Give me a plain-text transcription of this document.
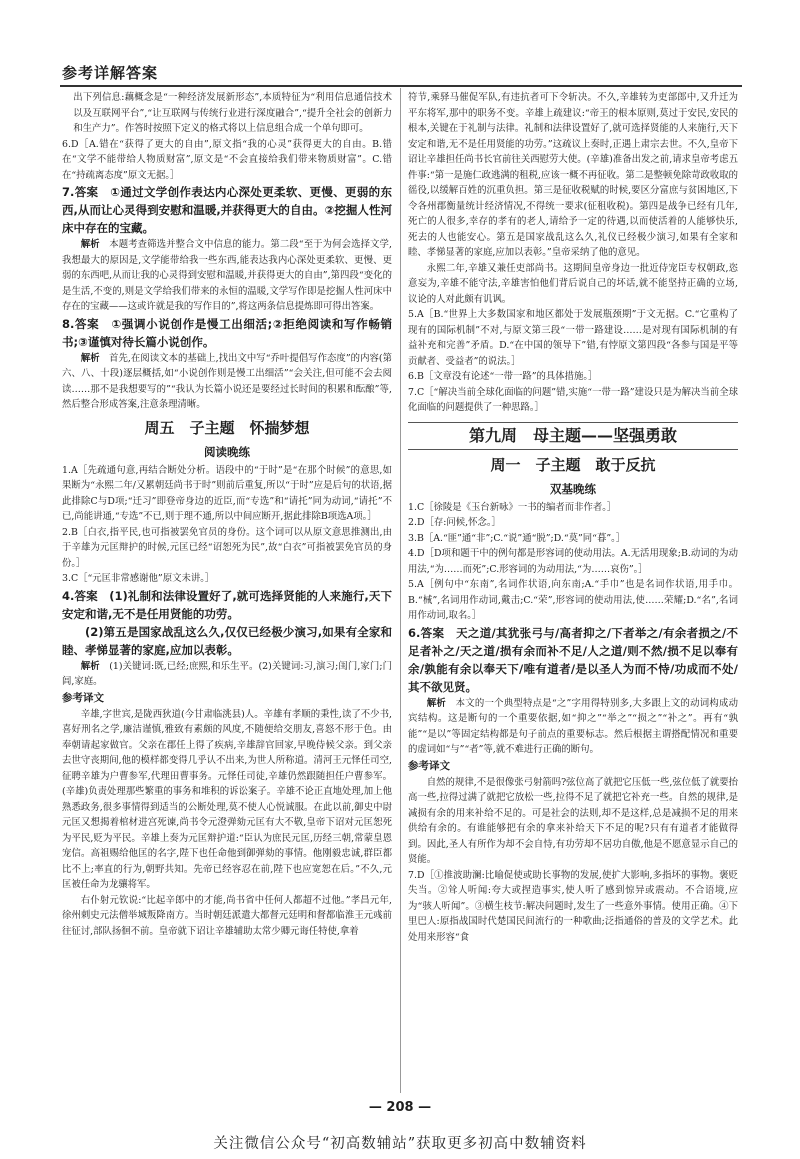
参考详解答案

出下列信息:藕概念是“一种经济发展新形态”,本质特征为“利用信息通信技术以及互联网平台”,“让互联网与传统行业进行深度融合”,“提升全社会的创新力和生产力”。作答时按照下定义的格式将以上信息组合成一个单句即可。

6.D［A.错在“获得了更大的自由”,原文指“我的心灵”获得更大的自由。B.错在“文学不能带给人物质财富”,原文是“不会直接给我们带来物质财富”。C.错在“持疏离态度”原文无据。］

7.答案　 ①通过文学创作表达内心深处更柔软、更慢、更弱的东西,从而让心灵得到安慰和温暖,并获得更大的自由。②挖掘人性河床中存在的宝藏。

解析　 本题考查筛选并整合文中信息的能力。第二段“至于为何会选择文学,我想最大的原因是,文学能带给我一些东西,能表达我内心深处更柔软、更慢、更弱的东西吧,从而让我的心灵得到安慰和温暖,并获得更大的自由”,第四段“变化的是生活,不变的,则是文学给我们带来的永恒的温暖,文学写作即是挖掘人性河床中存在的宝藏——这或许就是我的写作目的”,将这两条信息提炼即可得出答案。

8.答案　 ①强调小说创作是慢工出细活;②拒绝阅读和写作畅销书;③谨慎对待长篇小说创作。

解析　 首先,在阅读文本的基础上,找出文中写“乔叶提倡写作态度”的内容(第六、八、十段)逐层概括,如“小说创作则是慢工出细活”“会关注,但可能不会去阅读……那不是我想要写的”“我认为长篇小说还是要经过长时间的积累和酝酿”等,然后整合形成答案,注意条理清晰。

周五　子主题　怀揣梦想
阅读晚练

1.A［先疏通句意,再结合断处分析。语段中的“于时”是“在那个时候”的意思,如果断为“永熙二年/又累朝廷尚书于时”则前后重复,所以“于时”应是后句的状语,据此排除C与D项;“迁习”即登帝身边的近臣,而“专选”和“请托”同为动词,“请托”不已,尚能讲通,“专选”不已,则于理不通,所以中间应断开,据此排除B项选A项。］

2.B［白衣,指平民,也可指被罢免官员的身份。这个词可以从原文意思推测出,由于辛雄为元匡辩护的时候,元匡已经“诏恕死为民”,故“白衣”可指被罢免官员的身份。］

3.C［“元匡非常感谢他”原文未讲。］

4.答案　 (1)礼制和法律设置好了,就可选择贤能的人来施行,天下安定和谐,无不是任用贤能的功劳。

(2)第五是国家战乱这么久,仅仅已经极少演习,如果有全家和睦、孝悌显著的家庭,应加以表彰。

解析　 (1)关键词:既,已经;庶熙,和乐生平。(2)关键词:习,演习;闺门,家门;门闾,家庭。

参考译文

辛雄,字世宾,是陇西狄道(今甘肃临洮县)人。辛雄有孝顺的秉性,读了不少书,喜好刑名之学,廉洁谨慎,雅致有素颇的风度,不随便给交朋友,喜怒不形于色。由奉朝请起家做官。父亲在郡任上得了疾病,辛雄辞官回家,早晚侍候父亲。到父亲去世守丧期间,他的模样都变得几乎认不出来,为世人所称道。清河王元怿任司空,征聘辛雄为户曹参军,代理田曹事务。元怿任司徒,辛雄仍然跟随担任户曹参军。(辛雄)负责处理那些繁重的事务和堆积的诉讼案子。辛雄不论正直地处理,加上他熟悉政务,很多事情得到适当的公断处理,莫不使人心悦诚服。在此以前,御史中尉元匡又想揭着棺材进宫死谏,尚书令元澄弹劾元匡有大不敬,皇帝下诏对元匡恕死为平民,贬为平民。辛雄上奏为元匡辩护道:“臣认为庶民元匡,历经三朝,常蒙皇恩宠信。高祖赐给他匡的名字,陛下也任命他到御弹劾的事情。他刚毅忠诚,群臣都比不上;率直的行为,朝野共知。先帝已经容忍在前,陛下也应宽恕在后。”不久,元匡被任命为龙骧将军。

右仆射元钦说:“比起辛郎中的才能,尚书省中任何人都超不过他。”孝昌元年,徐州刺史元法僧举城叛降南方。当时朝廷派遣大都督元廷明和督都临淮王元彧前往征讨,部队扬徊不前。皇帝就下诏让辛雄辅助太常少卿元诲任特使,拿着

符节,乘驿马催促军队,有违抗者可下令斩决。不久,辛雄转为吏部郎中,又升迁为平东将军,那中的职务不变。辛雄上疏建议:“帝王的根本原则,莫过于安民,安民的根本,关键在于礼制与法律。礼制和法律设置好了,就可选择贤能的人来施行,天下安定和谐,无不是任用贤能的功劳。”这疏议上奏时,正遇上肃宗去世。不久,皇帝下诏让辛雄担任尚书长官前往关西慰劳大使。(辛雄)准备出发之前,请求皇帝考虑五件事:“第一是施仁政逃满的租税,应该一概不再征收。第二是整顿免除苛政收取的徭役,以缓解百姓的沉重负担。第三是征收税赋的时候,要区分富庶与贫困地区,下令各州郡衡量统计经济情况,不得统一要求(征租收税)。第四是战争已经有几年,死亡的人很多,幸存的孝有的老人,请给予一定的待遇,以而使活着的人能够快乐,死去的人也能安心。第五是国家战乱这么久,礼仪已经极少演习,如果有全家和睦、孝悌显著的家庭,应加以表彰。”皇帝采纳了他的意见。

永熙二年,辛雄又兼任吏部尚书。这期间皇帝身边一批近侍宠臣专权朝政,恣意妄为,辛雄不能守法,辛雄害怕他们背后说自己的坏话,就不能坚持正确的立场,议论的人对此颇有讥讽。

5.A［B.“世界上大多数国家和地区都处于发展瓶颈期”于文无据。C.“它重构了现有的国际机制”不对,与原文第三段“一带一路建设……是对现有国际机制的有益补充和完善”矛盾。D.“在中国的领导下”错,有悖原文第四段“各参与国是平等贡献者、受益者”的说法。］

6.B［文章没有论述“一带一路”的具体措施。］

7.C［“解决当前全球化面临的问题”错,实施“一带一路”建设只是为解决当前全球化面临的问题提供了一种思路。］

第九周　母主题——坚强勇敢
周一　子主题　敢于反抗
双基晚练

1.C［徐陵是《玉台新咏》一书的编者而非作者。］

2.D［存:问候,怀念。］

3.B［A.“匪”通“非”;C.“说”通“脱”;D.“莫”同“暮”。］

4.D［D项和题干中的例句都是形容词的使动用法。A.无活用现象;B.动词的为动用法,“为……而死”;C.形容词的为动用法,“为……哀伤”。］

5.A［例句中“东南”,名词作状语,向东南;A.“手巾”也是名词作状语,用手巾。B.“械”,名词用作动词,戴击;C.“荣”,形容词的使动用法,使……荣耀;D.“名”,名词用作动词,取名。］

6.答案　 天之道/其犹张弓与/高者抑之/下者举之/有余者损之/不足者补之/天之道/损有余而补不足/人之道/则不然/损不足以奉有余/孰能有余以奉天下/唯有道者/是以圣人为而不恃/功成而不处/其不欲见贤。

解析　 本文的一个典型特点是“之”字用得特别多,大多跟上文的动词构成动宾结构。这是断句的一个重要依据,如“抑之”“举之”“损之”“补之”。再有“孰能”“是以”等固定结构都是句子前点的重要标志。然后根据主谓搭配情况和重要的虚词如“与”“者”等,就不难进行正确的断句。

参考译文

自然的规律,不是很像张弓射箭吗?弦位高了就把它压低一些,弦位低了就要抬高一些,拉得过满了就把它放松一些,拉得不足了就把它补充一些。自然的规律,是减损有余的用来补给不足的。可是社会的法则,却不是这样,总是减损不足的用来供给有余的。有谁能够把有余的拿来补给天下不足的呢?只有有道者才能做得到。因此,圣人有所作为却不会自恃,有功劳却不居功自傲,他是不愿意显示自己的贤能。

7.D［①推波助澜:比喻促使或助长事物的发展,使扩大影响,多指坏的事物。褒贬失当。②耸人听闻:夸大或捏造事实,使人听了感到惊异或震动。不合语境,应为“骇人听闻”。③横生枝节:解决问题时,发生了一些意外事情。使用正确。④下里巴人:原指战国时代楚国民间流行的一种歌曲;泛指通俗的普及的文学艺术。此处用来形容“食

— 208 —
关注微信公众号“初高数辅站”获取更多初高中数辅资料
